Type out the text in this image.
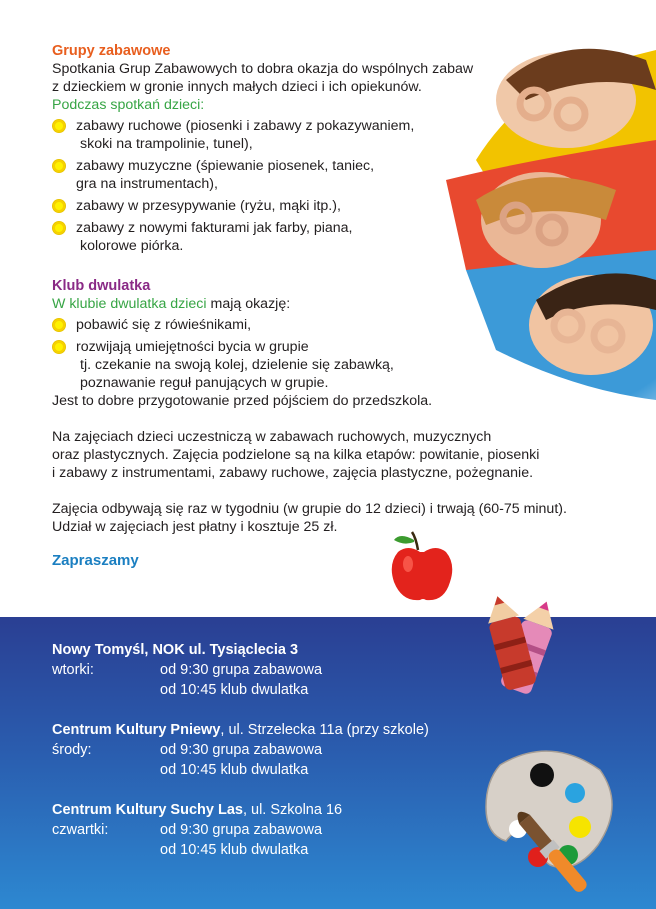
Grupy zabawowe

Spotkania Grup Zabawowych to dobra okazja do wspólnych zabaw

z dzieckiem w gronie innych małych dzieci i ich opiekunów.

Podczas spotkań dzieci:

zabawy ruchowe (piosenki i zabawy z pokazywaniem,
skoki na trampolinie, tunel),
zabawy muzyczne (śpiewanie piosenek, taniec,
gra na instrumentach),
zabawy w przesypywanie (ryżu, mąki itp.),
zabawy z nowymi fakturami jak farby, piana,
kolorowe piórka.

Klub dwulatka

W klubie dwulatka dzieci mają okazję:

pobawić się z rówieśnikami,
rozwijają umiejętności bycia w grupie
tj. czekanie na swoją kolej, dzielenie się zabawką,
poznawanie reguł panujących w grupie.

Jest to dobre przygotowanie przed pójściem do przedszkola.

Na zajęciach dzieci uczestniczą w zabawach ruchowych, muzycznych

oraz plastycznych. Zajęcia podzielone są na kilka etapów: powitanie, piosenki

i zabawy z instrumentami, zabawy ruchowe, zajęcia plastyczne, pożegnanie.

Zajęcia odbywają się raz w tygodniu (w grupie do 12 dzieci) i trwają (60-75 minut).

Udział w zajęciach jest płatny i kosztuje 25 zł.

Zapraszamy

Nowy Tomyśl, NOK ul. Tysiąclecia 3
wtorki:	od 9:30 grupa zabawowa
od 10:45 klub dwulatka
Centrum Kultury Pniewy, ul. Strzelecka 11a (przy szkole)
środy:	od 9:30 grupa zabawowa
od 10:45 klub dwulatka
Centrum Kultury Suchy Las, ul. Szkolna 16
czwartki:	od 9:30 grupa zabawowa
od 10:45 klub dwulatka
